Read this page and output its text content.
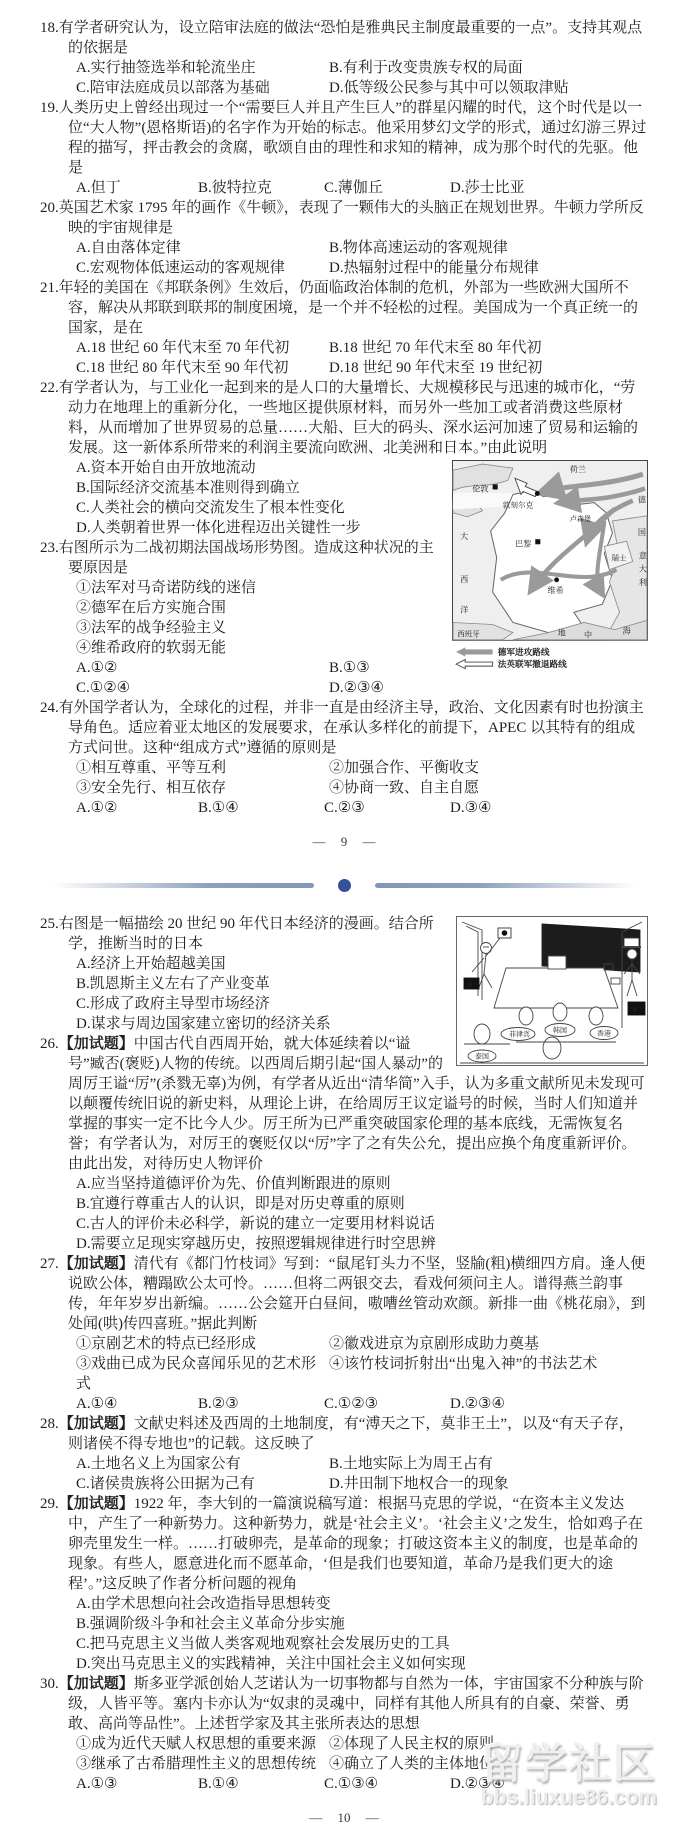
18.有学者研究认为，设立陪审法庭的做法“恐怕是雅典民主制度最重要的一点”。支持其观点的依据是
A.实行抽签选举和轮流坐庄	B.有利于改变贵族专权的局面
C.陪审法庭成员以部落为基础	D.低等级公民参与其中可以领取津贴
19.人类历史上曾经出现过一个“需要巨人并且产生巨人”的群星闪耀的时代，这个时代是以一位“大人物”(恩格斯语)的名字作为开始的标志。他采用梦幻文学的形式，通过幻游三界过程的描写，抨击教会的贪腐，歌颂自由的理性和求知的精神，成为那个时代的先驱。他是
A.但丁	B.彼特拉克	C.薄伽丘	D.莎士比亚
20.英国艺术家 1795 年的画作《牛顿》，表现了一颗伟大的头脑正在规划世界。牛顿力学所反映的宇宙规律是
A.自由落体定律	B.物体高速运动的客观规律
C.宏观物体低速运动的客观规律	D.热辐射过程中的能量分布规律
21.年轻的美国在《邦联条例》生效后，仍面临政治体制的危机，外部为一些欧洲大国所不容，解决从邦联到联邦的制度困境，是一个并不轻松的过程。美国成为一个真正统一的国家，是在
A.18 世纪 60 年代末至 70 年代初	B.18 世纪 70 年代末至 80 年代初
C.18 世纪 80 年代末至 90 年代初	D.18 世纪 90 年代末至 19 世纪初
22.有学者认为，与工业化一起到来的是人口的大量增长、大规模移民与迅速的城市化，“劳动力在地理上的重新分化，一些地区提供原材料，而另外一些加工或者消费这些原材料，从而增加了世界贸易的总量……大船、巨大的码头、深水运河加速了贸易和运输的发展。这一新体系所带来的利润主要流向欧洲、北美洲和日本。”由此说明
伦敦
荷兰
敦刻尔克
德
卢森堡
国
巴黎
瑞士
维希
意
大
利
大
西
洋
西班牙	地 中	海
德军进攻路线
法英联军撤退路线
A.资本开始自由开放地流动
B.国际经济交流基本准则得到确立
C.人类社会的横向交流发生了根本性变化
D.人类朝着世界一体化进程迈出关键性一步
23.右图所示为二战初期法国战场形势图。造成这种状况的主要原因是
①法军对马奇诺防线的迷信
②德军在后方实施合围
③法军的战争经验主义
④维希政府的软弱无能
A.①②	B.①③
C.①②④	D.②③④
24.有外国学者认为，全球化的过程，并非一直是由经济主导，政治、文化因素有时也扮演主导角色。适应着亚太地区的发展要求，在承认多样化的前提下，APEC 以其特有的组成方式问世。这种“组成方式”遵循的原则是
①相互尊重、平等互利	②加强合作、平衡收支
③安全先行、相互依存	④协商一致、自主自愿
A.①②	B.①④	C.②③	D.③④
— 9 —
菲律宾	韩国	香港
泰国
$
$
25.右图是一幅描绘 20 世纪 90 年代日本经济的漫画。结合所学，推断当时的日本
A.经济上开始超越美国
B.凯恩斯主义左右了产业变革
C.形成了政府主导型市场经济
D.谋求与周边国家建立密切的经济关系
26.【加试题】中国古代自西周开始，就大体延续着以“谥号”臧否(褒贬)人物的传统。以西周后期引起“国人暴动”的周厉王谥“厉”(杀戮无辜)为例，有学者从近出“清华简”入手，认为多重文献所见未发现可以颠覆传统旧说的新史料，从理论上讲，在给周厉王议定谥号的时候，当时人们知道并掌握的事实一定不比今人少。厉王所为已严重突破国家伦理的基本底线，无需恢复名誉；有学者认为，对厉王的褒贬仅以“厉”字了之有失公允，提出应换个角度重新评价。由此出发，对待历史人物评价
A.应当坚持道德评价为先、价值判断跟进的原则
B.宜遵行尊重古人的认识，即是对历史尊重的原则
C.古人的评价未必科学，新说的建立一定要用材料说话
D.需要立足现实穿越历史，按照逻辑规律进行时空思辨
27.【加试题】清代有《都门竹枝词》写到：“鼠尾钉头力不坚，竖牏(粗)横细四方肩。逢人便说欧公体，糟蹋欧公太可怜。……但将二两银交去，看戏何须问主人。谱得燕兰韵事传，年年岁岁出新编。……公会筵开白昼间，嗷嘈丝管动欢颜。新排一曲《桃花扇》，到处闻(哄)传四喜班。”据此判断
①京剧艺术的特点已经形成	②徽戏进京为京剧形成助力奠基
③戏曲已成为民众喜闻乐见的艺术形式④该竹枝词折射出“出鬼入神”的书法艺术
A.①④	B.②③	C.①②③	D.②③④
28.【加试题】文献史料述及西周的土地制度，有“溥天之下，莫非王土”，以及“有天子存，则诸侯不得专地也”的记载。这反映了
A.土地名义上为国家公有	B.土地实际上为周王占有
C.诸侯贵族将公田据为己有	D.井田制下地权合一的现象
29.【加试题】1922 年，李大钊的一篇演说稿写道：根据马克思的学说，“在资本主义发达中，产生了一种新势力。这种新势力，就是‘社会主义’。‘社会主义’之发生，恰如鸡子在卵壳里发生一样。……打破卵壳，是革命的现象；打破这资本主义的制度，也是革命的现象。有些人，愿意进化而不愿革命，‘但是我们也要知道，革命乃是我们更大的途程’。”这反映了作者分析问题的视角
A.由学术思想向社会改造指导思想转变
B.强调阶级斗争和社会主义革命分步实施
C.把马克思主义当做人类客观地观察社会发展历史的工具
D.突出马克思主义的实践精神，关注中国社会主义如何实现
30.【加试题】斯多亚学派创始人芝诺认为一切事物都与自然为一体，宇宙国家不分种族与阶级，人皆平等。塞内卡亦认为“奴隶的灵魂中，同样有其他人所具有的自豪、荣誉、勇敢、高尚等品性”。上述哲学家及其主张所表达的思想
①成为近代天赋人权思想的重要来源 ②体现了人民主权的原则
③继承了古希腊理性主义的思想传统 ④确立了人类的主体地位
A.①③	B.①④	C.①③④	D.②③④
— 10 —
留学社区
bbs.liuxue86.com
